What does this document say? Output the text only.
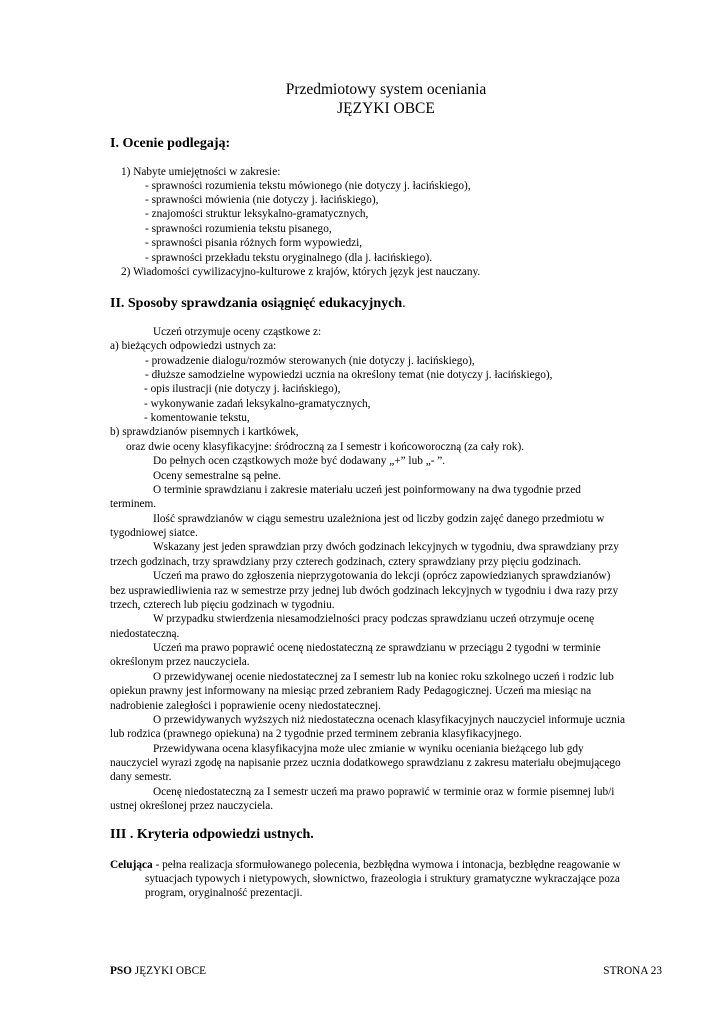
Przedmiotowy system oceniania
JĘZYKI OBCE
I. Ocenie podlegają:
1) Nabyte umiejętności w zakresie:
- sprawności rozumienia tekstu mówionego (nie dotyczy j. łacińskiego),
- sprawności mówienia (nie dotyczy j. łacińskiego),
- znajomości struktur leksykalno-gramatycznych,
- sprawności rozumienia tekstu pisanego,
- sprawności pisania różnych form wypowiedzi,
- sprawności przekładu tekstu oryginalnego (dla j. łacińskiego).
2) Wiadomości cywilizacyjno-kulturowe z krajów, których język jest nauczany.
II. Sposoby sprawdzania osiągnięć edukacyjnych.
Uczeń otrzymuje oceny cząstkowe z:
a) bieżących odpowiedzi ustnych za:
- prowadzenie dialogu/rozmów sterowanych (nie dotyczy j. łacińskiego),
- dłuższe samodzielne wypowiedzi ucznia na określony temat (nie dotyczy j. łacińskiego),
- opis ilustracji (nie dotyczy j. łacińskiego),
- wykonywanie zadań leksykalno-gramatycznych,
- komentowanie tekstu,
b) sprawdzianów pisemnych i kartkówek,
oraz dwie oceny klasyfikacyjne: śródroczną za I semestr i końcoworoczną (za cały rok).
Do pełnych ocen cząstkowych może być dodawany „+” lub „- ”.
Oceny semestralne są pełne.
O terminie sprawdzianu i zakresie materiału uczeń jest poinformowany na dwa tygodnie przed
terminem.
Ilość sprawdzianów w ciągu semestru uzależniona jest od liczby godzin zajęć danego przedmiotu w
tygodniowej siatce.
Wskazany jest jeden sprawdzian przy dwóch godzinach lekcyjnych w tygodniu, dwa sprawdziany przy
trzech godzinach, trzy sprawdziany przy czterech godzinach, cztery sprawdziany przy pięciu godzinach.
Uczeń ma prawo do zgłoszenia nieprzygotowania do lekcji (oprócz zapowiedzianych sprawdzianów)
bez usprawiedliwienia raz w semestrze przy jednej lub dwóch godzinach lekcyjnych w tygodniu i dwa razy przy
trzech, czterech lub pięciu godzinach w tygodniu.
W przypadku stwierdzenia niesamodzielności pracy podczas sprawdzianu uczeń otrzymuje ocenę
niedostateczną.
Uczeń ma prawo poprawić ocenę niedostateczną ze sprawdzianu w przeciągu 2 tygodni w terminie
określonym przez nauczyciela.
O przewidywanej ocenie niedostatecznej za I semestr lub na koniec roku szkolnego uczeń i rodzic lub
opiekun prawny jest informowany na miesiąc przed zebraniem Rady Pedagogicznej. Uczeń ma miesiąc na
nadrobienie zaległości i poprawienie oceny niedostatecznej.
O przewidywanych wyższych niż niedostateczna ocenach klasyfikacyjnych nauczyciel informuje ucznia
lub rodzica (prawnego opiekuna) na 2 tygodnie przed terminem zebrania klasyfikacyjnego.
Przewidywana ocena klasyfikacyjna może ulec zmianie w wyniku oceniania bieżącego lub gdy
nauczyciel wyrazi zgodę na napisanie przez ucznia dodatkowego sprawdzianu z zakresu materiału obejmującego
dany semestr.
Ocenę niedostateczną za I semestr uczeń ma prawo poprawić w terminie oraz w formie pisemnej lub/i
ustnej określonej przez nauczyciela.
III . Kryteria odpowiedzi ustnych.
Celująca - pełna realizacja sformułowanego polecenia, bezbłędna wymowa i intonacja, bezbłędne reagowanie w
sytuacjach typowych i nietypowych, słownictwo, frazeologia i struktury gramatyczne wykraczające poza
program, oryginalność prezentacji.
PSO JĘZYKI OBCE	STRONA 23
